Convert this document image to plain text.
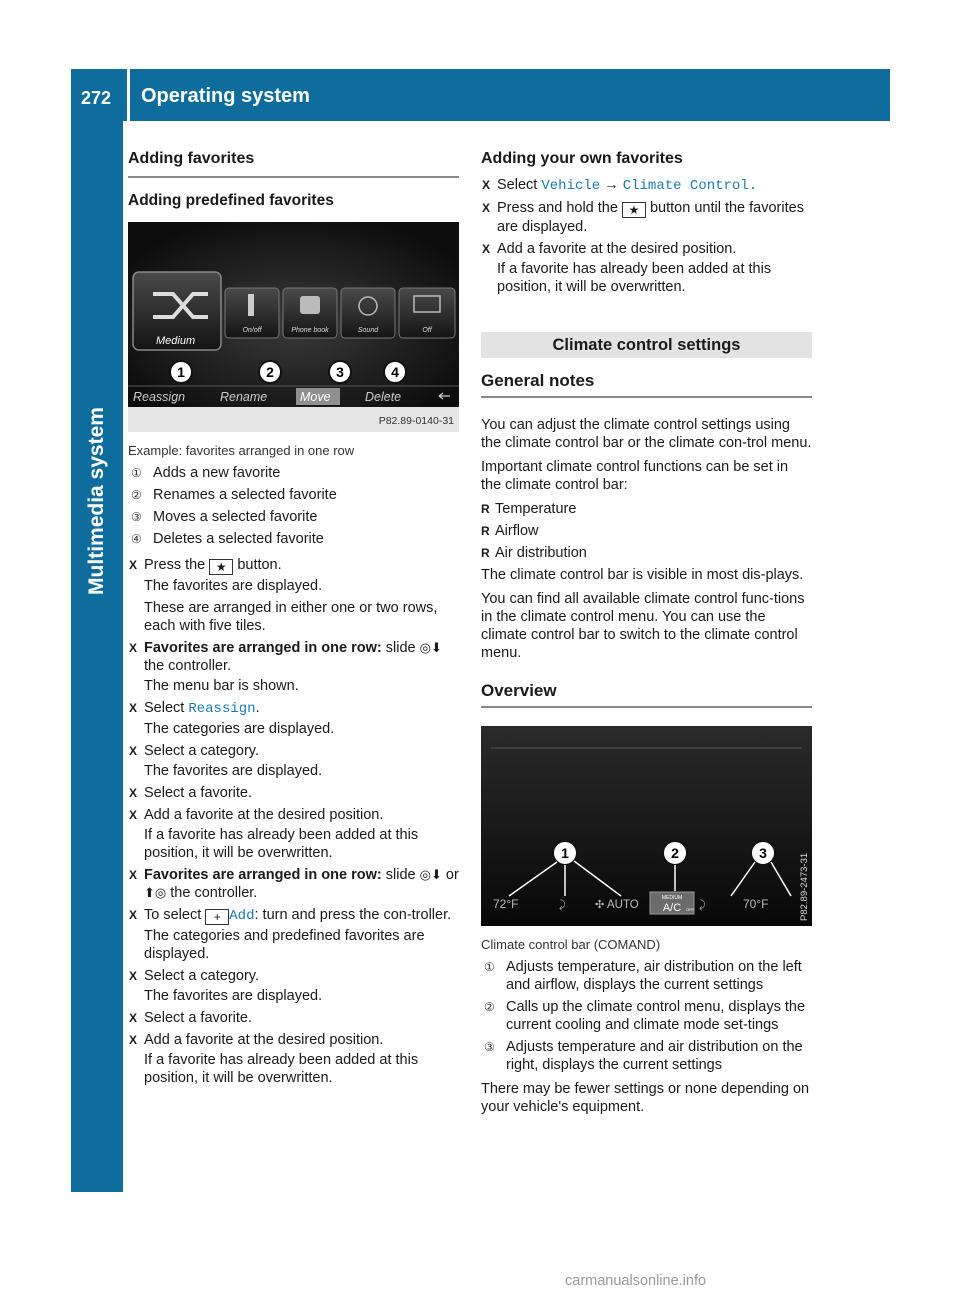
272 Operating system
Multimedia system
Adding favorites
Adding predefined favorites
Medium
On/off	Phone book	Sound	Off
1	2	3	4
Reassign	Rename	Move	Delete
P82.89-0140-31
Example: favorites arranged in one row
① Adds a new favorite
② Renames a selected favorite
③ Moves a selected favorite
④ Deletes a selected favorite
X Press the ★ button.

The favorites are displayed.

These are arranged in either one or two rows, each with five tiles.

X Favorites are arranged in one row: slide ◎⬇ the controller.

The menu bar is shown.

X Select Reassign.

The categories are displayed.

X Select a category.

The favorites are displayed.

X Select a favorite.

X Add a favorite at the desired position.

If a favorite has already been added at this position, it will be overwritten.

X Favorites are arranged in one row: slide ◎⬇ or ⬆◎ the controller.

X To select + Add: turn and press the con-troller.

The categories and predefined favorites are displayed.

X Select a category.

The favorites are displayed.

X Select a favorite.

X Add a favorite at the desired position.

If a favorite has already been added at this position, it will be overwritten.

Adding your own favorites
X Select Vehicle → Climate Control.

X Press and hold the ★ button until the favorites are displayed.

X Add a favorite at the desired position.

If a favorite has already been added at this position, it will be overwritten.

Climate control settings
General notes

You can adjust the climate control settings using the climate control bar or the climate con-trol menu.

Important climate control functions can be set in the climate control bar:

R Temperature
R Airflow
R Air distribution

The climate control bar is visible in most dis-plays.

You can find all available climate control func-tions in the climate control menu. You can use the climate control bar to switch to the climate control menu.

Overview
1	2	3
72°F	⤸	✣ AUTO
MEDIUM
A/C OFF ⤸	70°F	P82.89-2473-31
Climate control bar (COMAND)
① Adjusts temperature, air distribution on the left and airflow, displays the current settings
② Calls up the climate control menu, displays the current cooling and climate mode set-tings
③ Adjusts temperature and air distribution on the right, displays the current settings

There may be fewer settings or none depending on your vehicle's equipment.

carmanualsonline.info
